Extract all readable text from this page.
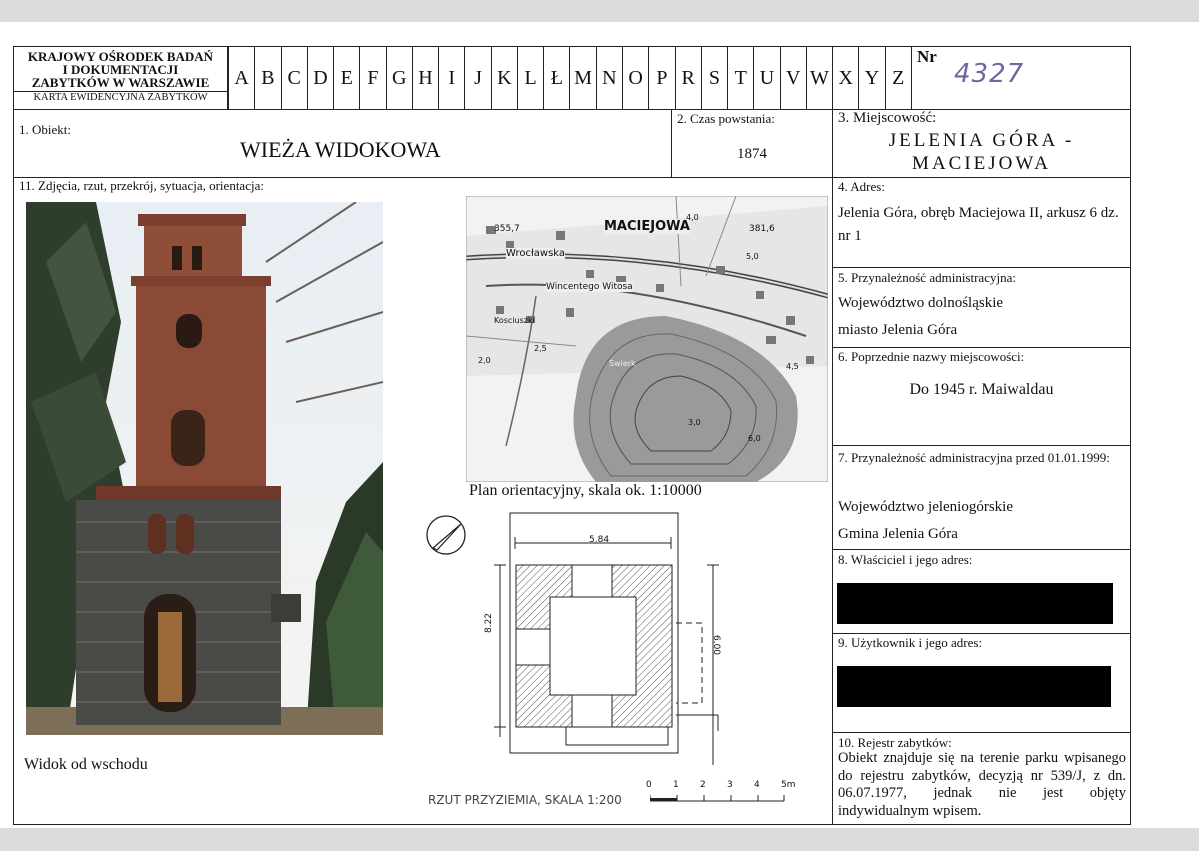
KRAJOWY OŚRODEK BADAŃ
I DOKUMENTACJI
ZABYTKÓW W WARSZAWIE
KARTA EWIDENCYJNA ZABYTKÓW
A B C D E F G H I J K L Ł M N O P R S T U V W X Y Z
Nr
4327
1. Obiekt:
WIEŻA WIDOKOWA
2. Czas powstania:
1874
3. Miejscowość:
JELENIA GÓRA -
MACIEJOWA
11. Zdjęcia, rzut, przekrój, sytuacja, orientacja:
Widok od wschodu
MACIEJOWA
Wrocławska
Wincentego Witosa
Kosciuszki
Świerk
355,7	381,6
4,0
5,0
2,5
3,0
6,0
4,5
2,0
Plan orientacyjny, skala ok. 1:10000
5.84
8.22
6.00
RZUT PRZYZIEMIA, SKALA 1:200
0 1 2 3 4 5m
4. Adres:
Jelenia Góra, obręb Maciejowa II, arkusz 6 dz. nr 1
5. Przynależność administracyjna:
Województwo dolnośląskie
miasto Jelenia Góra
6. Poprzednie nazwy miejscowości:
Do 1945 r. Maiwaldau
7. Przynależność administracyjna przed 01.01.1999:
Województwo jeleniogórskie
Gmina Jelenia Góra
8. Właściciel i jego adres:
9. Użytkownik i jego adres:
10. Rejestr zabytków:
Obiekt znajduje się na terenie parku wpisanego do rejestru zabytków, decyzją nr 539/J, z dn. 06.07.1977, jednak nie jest objęty indywidualnym wpisem.
